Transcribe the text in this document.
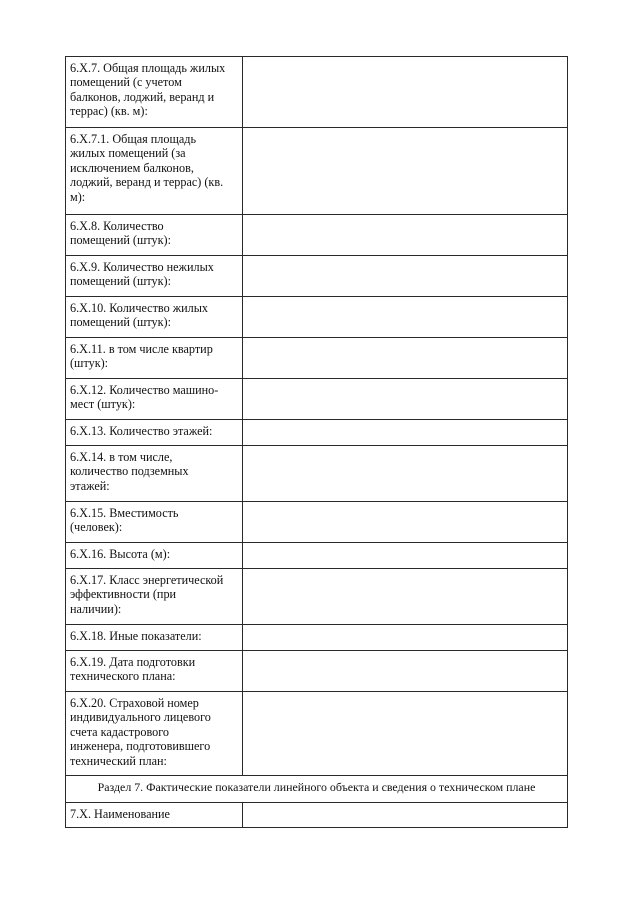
6.X.7. Общая площадь жилых
помещений (с учетом
балконов, лоджий, веранд и
террас) (кв. м):	
6.X.7.1. Общая площадь
жилых помещений (за
исключением балконов,
лоджий, веранд и террас) (кв.
м):	
6.X.8. Количество
помещений (штук):	
6.X.9. Количество нежилых
помещений (штук):	
6.X.10. Количество жилых
помещений (штук):	
6.X.11. в том числе квартир
(штук):	
6.X.12. Количество машино-
мест (штук):	
6.X.13. Количество этажей:	
6.X.14. в том числе,
количество подземных
этажей:	
6.X.15. Вместимость
(человек):	
6.X.16. Высота (м):	
6.X.17. Класс энергетической
эффективности (при
наличии):	
6.X.18. Иные показатели:	
6.X.19. Дата подготовки
технического плана:	
6.X.20. Страховой номер
индивидуального лицевого
счета кадастрового
инженера, подготовившего
технический план:	
Раздел 7. Фактические показатели линейного объекта и сведения о техническом плане	
7.X. Наименование	
